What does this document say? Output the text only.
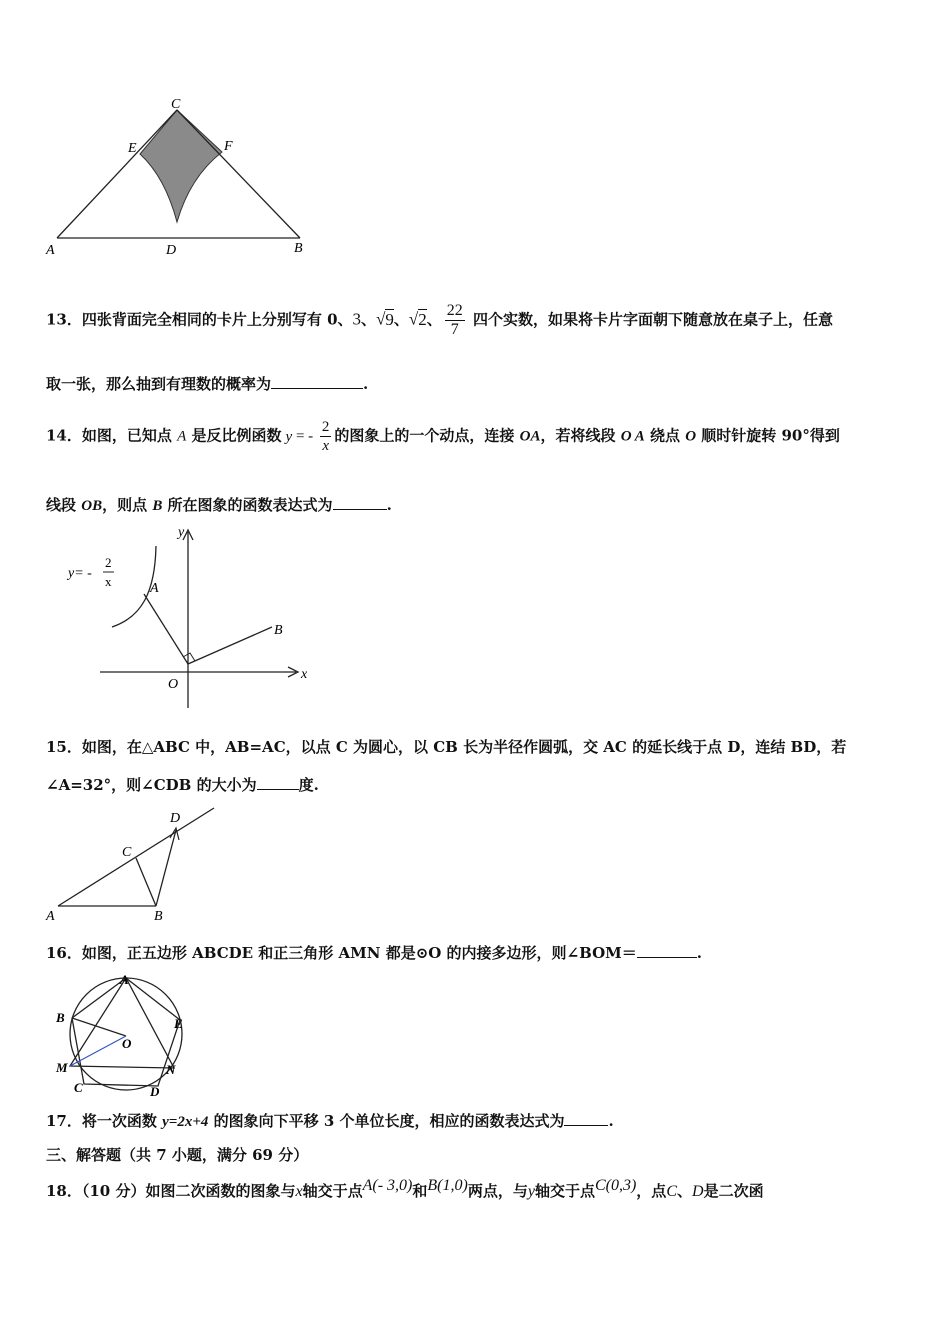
C
E	F
A	D	B
13．四张背面完全相同的卡片上分别写有 0、3、√9、√2、 $\frac{22}{7}$ 四个实数，如果将卡片字面朝下随意放在桌子上，任意
取一张，那么抽到有理数的概率为	.
14．如图，已知点 A 是反比例函数 y = - $\frac{2}{x}$ 的图象上的一个动点，连接 OA，若将线段 O A 绕点 O 顺时针旋转 90°得到
线段 OB，则点 B 所在图象的函数表达式为	.
y= -
2
x	A
B
O
x
y
15．如图，在△ABC 中，AB=AC，以点 C 为圆心，以 CB 长为半径作圆弧，交 AC 的延长线于点 D，连结 BD，若
∠A=32°，则∠CDB 的大小为	度.
A	B
C
D
16．如图，正五边形 ABCDE 和正三角形 AMN 都是⊙O 的内接多边形，则∠BOM＝	.
A
B	E
O
M	N
C	D
17．将一次函数 y=2x+4 的图象向下平移 3 个单位长度，相应的函数表达式为	.
三、解答题（共 7 小题，满分 69 分）
18．（10 分）如图二次函数的图象与x轴交于点A(- 3,0)和B(1,0)两点，与y轴交于点C(0,3)，点C、D是二次函
